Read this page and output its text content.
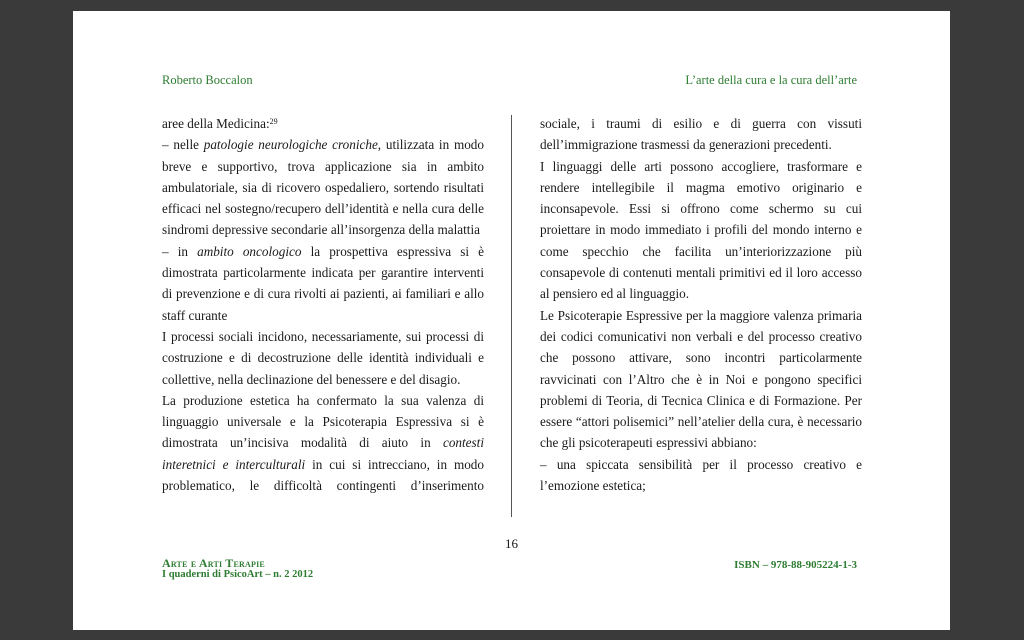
Roberto Boccalon	L’arte della cura e la cura dell’arte

aree della Medicina:$^{29}$

– nelle patologie neurologiche croniche, utilizzata in modo breve e supportivo, trova applicazione sia in ambito ambulatoriale, sia di ricovero ospedaliero, sortendo risultati efficaci nel sostegno/recupero dell’identità e nella cura delle sindromi depressive secondarie all’insorgenza della malattia

– in ambito oncologico la prospettiva espressiva si è dimostrata particolarmente indicata per garantire interventi di prevenzione e di cura rivolti ai pazienti, ai familiari e allo staff curante

I processi sociali incidono, necessariamente, sui processi di costruzione e di decostruzione delle identità individuali e collettive, nella declinazione del benessere e del disagio.

La produzione estetica ha confermato la sua valenza di linguaggio universale e la Psicoterapia Espressiva si è dimostrata un’incisiva modalità di aiuto in contesti interetnici e interculturali in cui si intrecciano, in modo problematico, le difficoltà contingenti d’inserimento

sociale, i traumi di esilio e di guerra con vissuti dell’immigrazione trasmessi da generazioni precedenti.

I linguaggi delle arti possono accogliere, trasformare e rendere intellegibile il magma emotivo originario e inconsapevole. Essi si offrono come schermo su cui proiettare in modo immediato i profili del mondo interno e come specchio che facilita un’interiorizzazione più consapevole di contenuti mentali primitivi ed il loro accesso al pensiero ed al linguaggio.

Le Psicoterapie Espressive per la maggiore valenza primaria dei codici comunicativi non verbali e del processo creativo che possono attivare, sono incontri particolarmente ravvicinati con l’Altro che è in Noi e pongono specifici problemi di Teoria, di Tecnica Clinica e di Formazione. Per essere “attori polisemici” nell’atelier della cura, è necessario che gli psicoterapeuti espressivi abbiano:

– una spiccata sensibilità per il processo creativo e l’emozione estetica;

16
Arte e Arti Terapie
I quaderni di PsicoArt – n. 2 2012
ISBN – 978-88-905224-1-3
